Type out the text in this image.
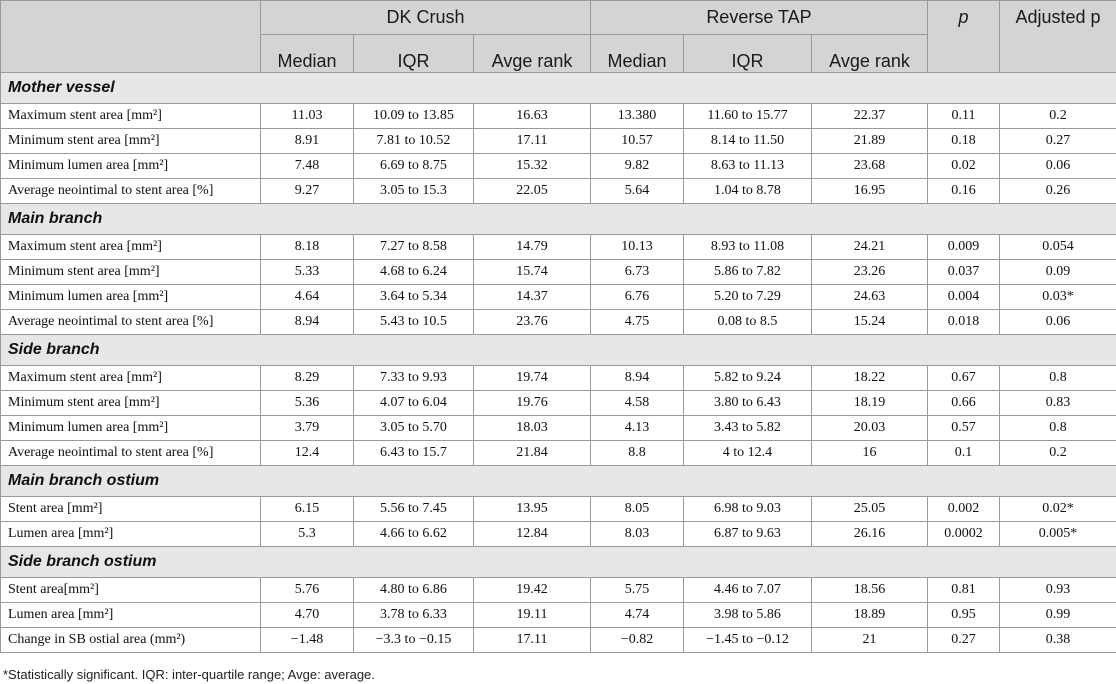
	DK Crush			Reverse TAP			p	Adjusted p
	Median	IQR	Avge rank	Median	IQR	Avge rank		
Mother vessel								
Maximum stent area [mm²]	11.03	10.09 to 13.85	16.63	13.380	11.60 to 15.77	22.37	0.11	0.2
Minimum stent area [mm²]	8.91	7.81 to 10.52	17.11	10.57	8.14 to 11.50	21.89	0.18	0.27
Minimum lumen area [mm²]	7.48	6.69 to 8.75	15.32	9.82	8.63 to 11.13	23.68	0.02	0.06
Average neointimal to stent area [%]	9.27	3.05 to 15.3	22.05	5.64	1.04 to 8.78	16.95	0.16	0.26
Main branch								
Maximum stent area [mm²]	8.18	7.27 to 8.58	14.79	10.13	8.93 to 11.08	24.21	0.009	0.054
Minimum stent area [mm²]	5.33	4.68 to 6.24	15.74	6.73	5.86 to 7.82	23.26	0.037	0.09
Minimum lumen area [mm²]	4.64	3.64 to 5.34	14.37	6.76	5.20 to 7.29	24.63	0.004	0.03*
Average neointimal to stent area [%]	8.94	5.43 to 10.5	23.76	4.75	0.08 to 8.5	15.24	0.018	0.06
Side branch								
Maximum stent area [mm²]	8.29	7.33 to 9.93	19.74	8.94	5.82 to 9.24	18.22	0.67	0.8
Minimum stent area [mm²]	5.36	4.07 to 6.04	19.76	4.58	3.80 to 6.43	18.19	0.66	0.83
Minimum lumen area [mm²]	3.79	3.05 to 5.70	18.03	4.13	3.43 to 5.82	20.03	0.57	0.8
Average neointimal to stent area [%]	12.4	6.43 to 15.7	21.84	8.8	4 to 12.4	16	0.1	0.2
Main branch ostium								
Stent area [mm²]	6.15	5.56 to 7.45	13.95	8.05	6.98 to 9.03	25.05	0.002	0.02*
Lumen area [mm²]	5.3	4.66 to 6.62	12.84	8.03	6.87 to 9.63	26.16	0.0002	0.005*
Side branch ostium								
Stent area[mm²]	5.76	4.80 to 6.86	19.42	5.75	4.46 to 7.07	18.56	0.81	0.93
Lumen area [mm²]	4.70	3.78 to 6.33	19.11	4.74	3.98 to 5.86	18.89	0.95	0.99
Change in SB ostial area (mm²)	−1.48	−3.3 to −0.15	17.11	−0.82	−1.45 to −0.12	21	0.27	0.38
*Statistically significant. IQR: inter-quartile range; Avge: average.
